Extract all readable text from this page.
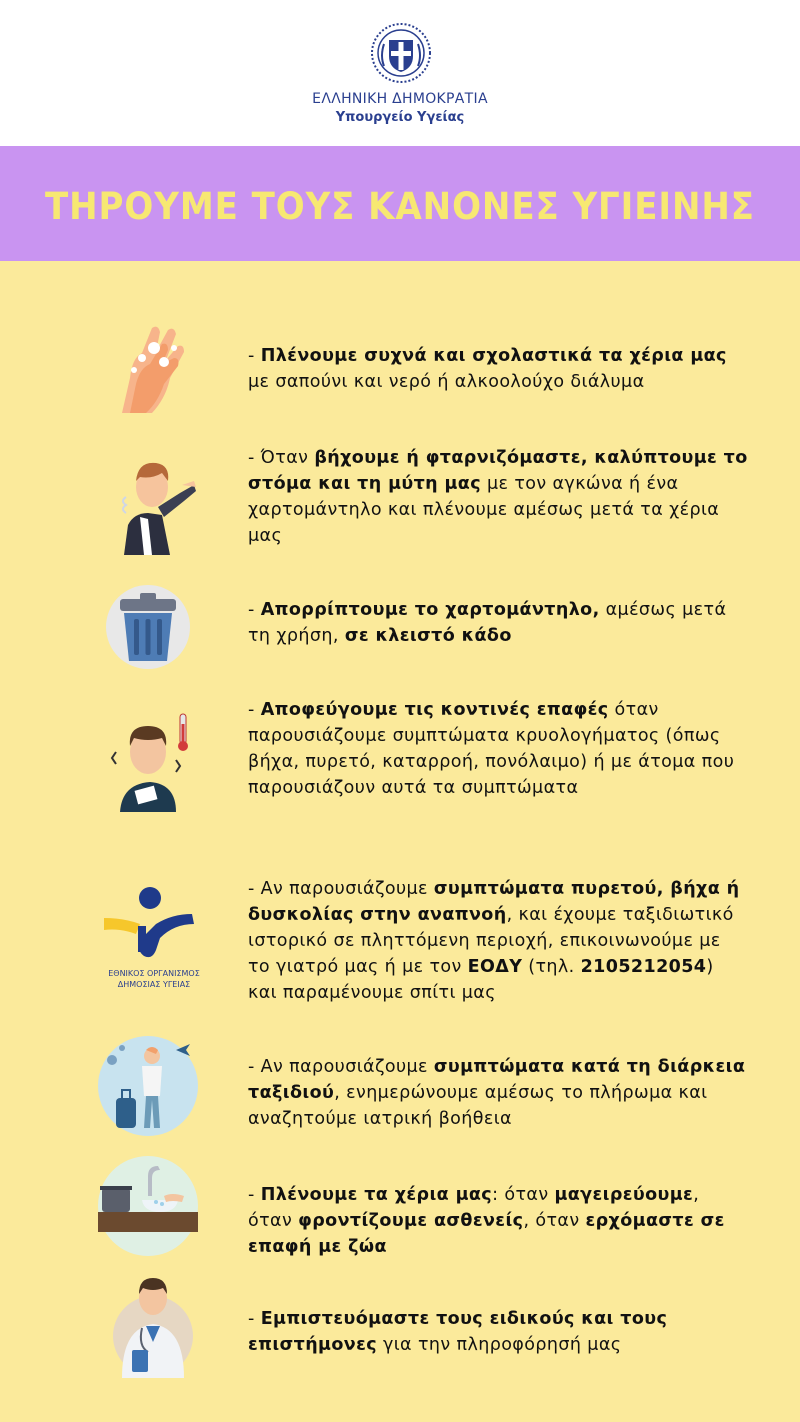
ΕΛΛΗΝΙΚΗ ΔΗΜΟΚΡΑΤΙΑ
Υπουργείο Υγείας
ΤΗΡΟΥΜΕ ΤΟΥΣ ΚΑΝΟΝΕΣ ΥΓΙΕΙΝΗΣ
ΕΘΝΙΚΟΣ ΟΡΓΑΝΙΣΜΟΣ
ΔΗΜΟΣΙΑΣ ΥΓΕΙΑΣ
- Πλένουμε συχνά και σχολαστικά τα χέρια μας με σαπούνι και νερό ή αλκοολούχο διάλυμα
- Όταν βήχουμε ή φταρνιζόμαστε, καλύπτουμε το στόμα και τη μύτη μας με τον αγκώνα ή ένα χαρτομάντηλο και πλένουμε αμέσως μετά τα χέρια μας
- Απορρίπτουμε το χαρτομάντηλο, αμέσως μετά τη χρήση, σε κλειστό κάδο
- Αποφεύγουμε τις κοντινές επαφές όταν παρουσιάζουμε συμπτώματα κρυολογήματος (όπως βήχα, πυρετό, καταρροή, πονόλαιμο) ή με άτομα που παρουσιάζουν αυτά τα συμπτώματα
- Αν παρουσιάζουμε συμπτώματα πυρετού, βήχα ή δυσκολίας στην αναπνοή, και έχουμε ταξιδιωτικό ιστορικό σε πληττόμενη περιοχή, επικοινωνούμε με το γιατρό μας ή με τον ΕΟΔΥ (τηλ. 2105212054) και παραμένουμε σπίτι μας
- Αν παρουσιάζουμε συμπτώματα κατά τη διάρκεια ταξιδιού, ενημερώνουμε αμέσως το πλήρωμα και αναζητούμε ιατρική βοήθεια
- Πλένουμε τα χέρια μας: όταν μαγειρεύουμε, όταν φροντίζουμε ασθενείς, όταν ερχόμαστε σε επαφή με ζώα
- Εμπιστευόμαστε τους ειδικούς και τους επιστήμονες για την πληροφόρησή μας
